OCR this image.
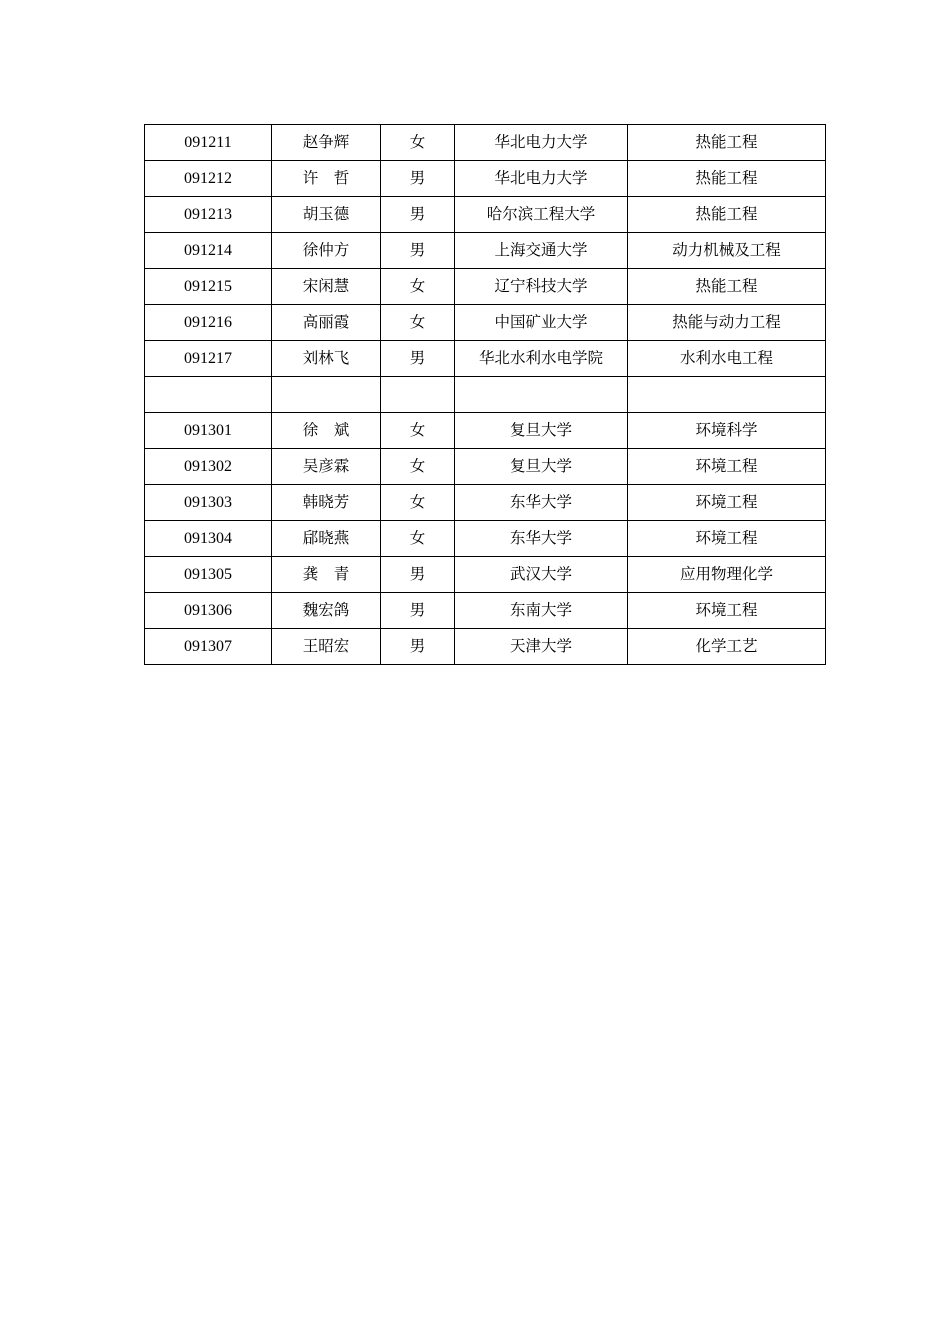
091211	赵争辉	女	华北电力大学	热能工程
091212	许　哲	男	华北电力大学	热能工程
091213	胡玉德	男	哈尔滨工程大学	热能工程
091214	徐仲方	男	上海交通大学	动力机械及工程
091215	宋闲慧	女	辽宁科技大学	热能工程
091216	高丽霞	女	中国矿业大学	热能与动力工程
091217	刘林飞	男	华北水利水电学院	水利水电工程

091301	徐　斌	女	复旦大学	环境科学
091302	吴彦霖	女	复旦大学	环境工程
091303	韩晓芳	女	东华大学	环境工程
091304	郈晓燕	女	东华大学	环境工程
091305	龚　青	男	武汉大学	应用物理化学
091306	魏宏鸽	男	东南大学	环境工程
091307	王昭宏	男	天津大学	化学工艺
